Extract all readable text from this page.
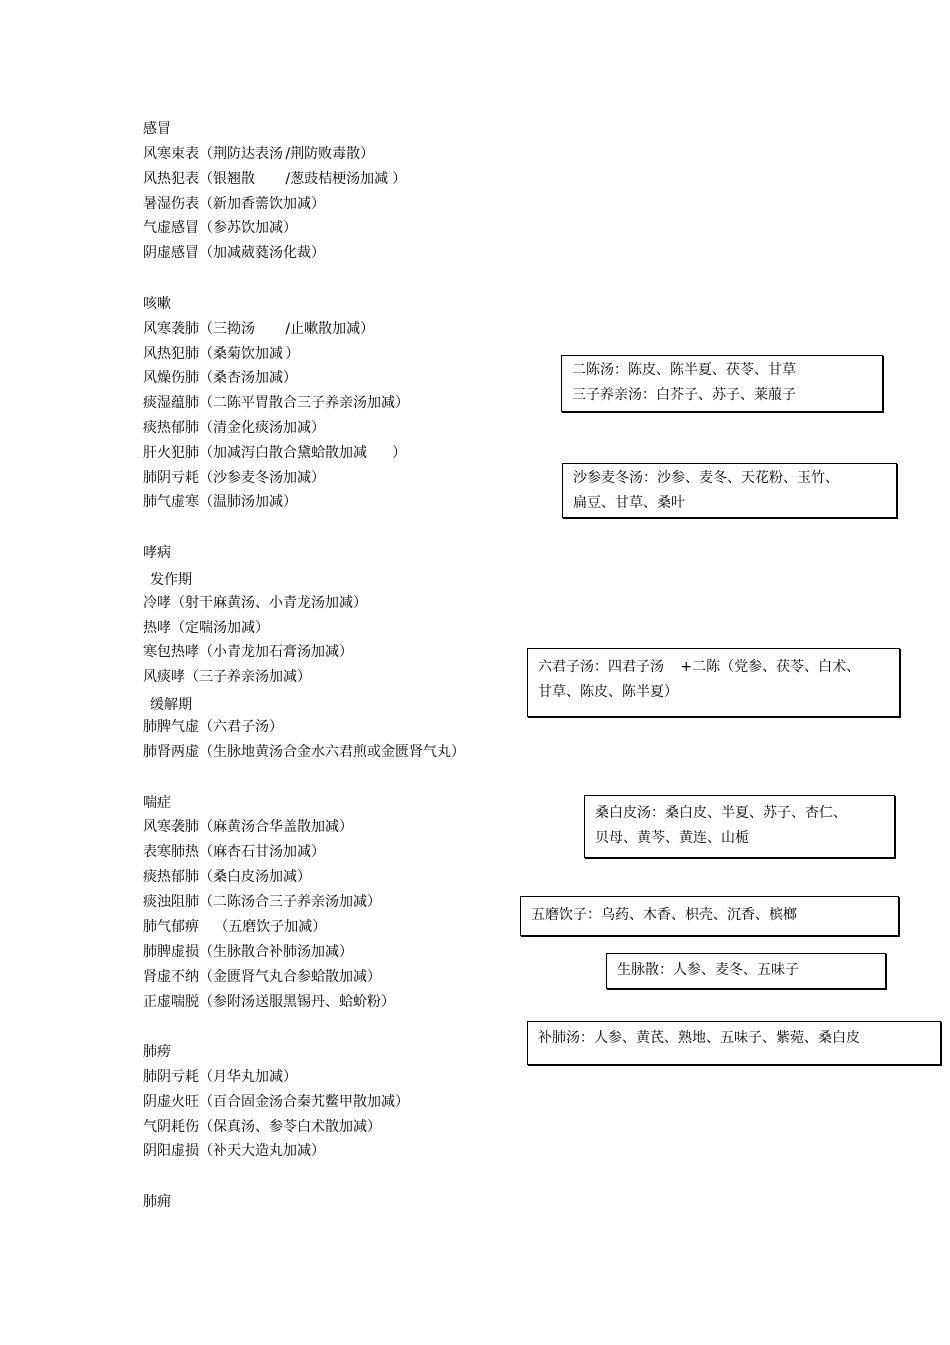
感冒
风寒束表（荆防达表汤	/荆防败毒散）
风热犯表（银翘散	/葱豉桔梗汤加减	）
暑湿伤表（新加香薷饮加减）
气虚感冒（参苏饮加减）
阴虚感冒（加减葳蕤汤化裁）
咳嗽
风寒袭肺（三拗汤	/止嗽散加减）
风热犯肺（桑菊饮加减	）
风燥伤肺（桑杏汤加减）
痰湿蕴肺（二陈平胃散合三子养亲汤加减）
痰热郁肺（清金化痰汤加减）
肝火犯肺（加减泻白散合黛蛤散加减	）
肺阴亏耗（沙参麦冬汤加减）
肺气虚寒（温肺汤加减）
哮病
发作期
冷哮（射干麻黄汤、小青龙汤加减）
热哮（定喘汤加减）
寒包热哮（小青龙加石膏汤加减）
风痰哮（三子养亲汤加减）
缓解期
肺脾气虚（六君子汤）
肺肾两虚（生脉地黄汤合金水六君煎或金匮肾气丸）
喘症
风寒袭肺（麻黄汤合华盖散加减）
表寒肺热（麻杏石甘汤加减）
痰热郁肺（桑白皮汤加减）
痰浊阻肺（二陈汤合三子养亲汤加减）
肺气郁痹	（五磨饮子加减）
肺脾虚损（生脉散合补肺汤加减）
肾虚不纳（金匮肾气丸合参蛤散加减）
正虚喘脱（参附汤送服黑锡丹、蛤蚧粉）
肺痨
肺阴亏耗（月华丸加减）
阴虚火旺（百合固金汤合秦艽鳖甲散加减）
气阴耗伤（保真汤、参苓白术散加减）
阴阳虚损（补天大造丸加减）
肺痈
二陈汤：陈皮、陈半夏、茯苓、甘草
三子养亲汤：白芥子、苏子、莱菔子
沙参麦冬汤：沙参、麦冬、天花粉、玉竹、
扁豆、甘草、桑叶
六君子汤：四君子汤	+二陈（党参、茯苓、白术、
甘草、陈皮、陈半夏）
桑白皮汤：桑白皮、半夏、苏子、杏仁、
贝母、黄芩、黄连、山栀
五磨饮子：乌药、木香、枳壳、沉香、槟榔
生脉散：人参、麦冬、五味子
补肺汤：人参、黄芪、熟地、五味子、紫菀、桑白皮
